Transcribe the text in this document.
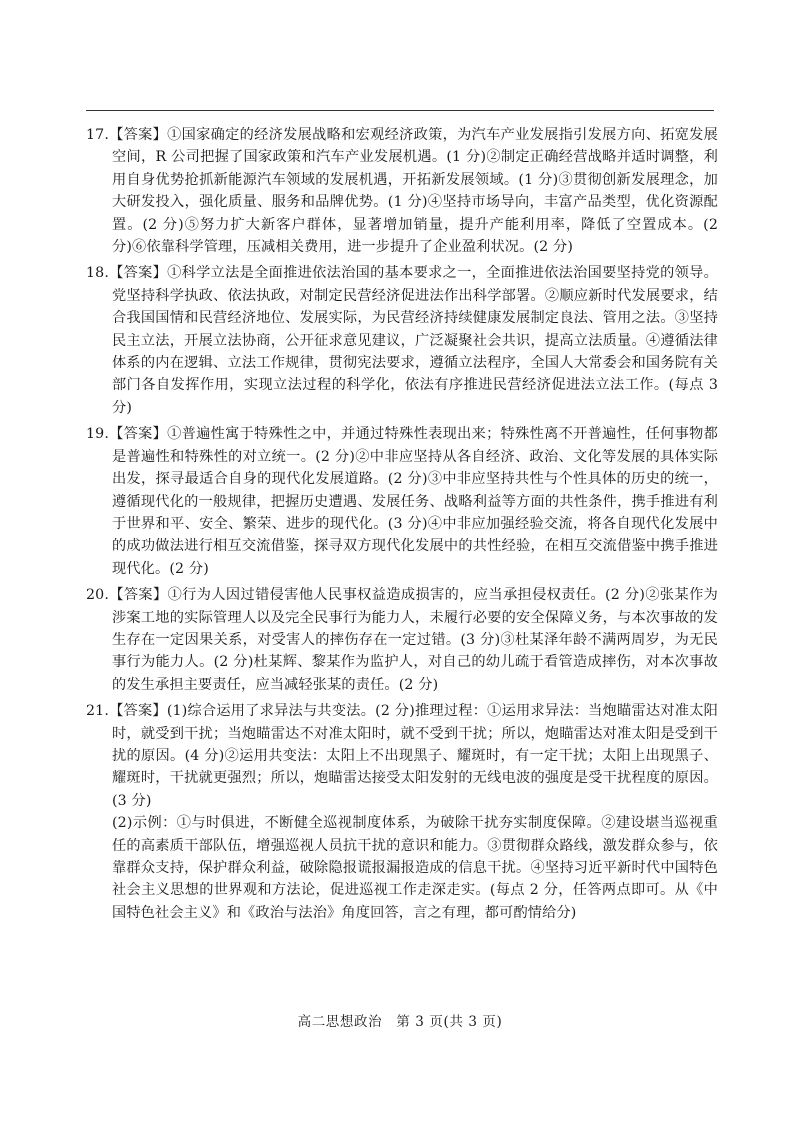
17.【答案】①国家确定的经济发展战略和宏观经济政策，为汽车产业发展指引发展方向、拓宽发展空间，R 公司把握了国家政策和汽车产业发展机遇。(1 分)②制定正确经营战略并适时调整，利用自身优势抢抓新能源汽车领域的发展机遇，开拓新发展领域。(1 分)③贯彻创新发展理念，加大研发投入，强化质量、服务和品牌优势。(1 分)④坚持市场导向，丰富产品类型，优化资源配置。(2 分)⑤努力扩大新客户群体，显著增加销量，提升产能利用率，降低了空置成本。(2 分)⑥依靠科学管理，压减相关费用，进一步提升了企业盈利状况。(2 分)
18.【答案】①科学立法是全面推进依法治国的基本要求之一，全面推进依法治国要坚持党的领导。党坚持科学执政、依法执政，对制定民营经济促进法作出科学部署。②顺应新时代发展要求，结合我国国情和民营经济地位、发展实际，为民营经济持续健康发展制定良法、管用之法。③坚持民主立法，开展立法协商，公开征求意见建议，广泛凝聚社会共识，提高立法质量。④遵循法律体系的内在逻辑、立法工作规律，贯彻宪法要求，遵循立法程序，全国人大常委会和国务院有关部门各自发挥作用，实现立法过程的科学化，依法有序推进民营经济促进法立法工作。(每点 3 分)
19.【答案】①普遍性寓于特殊性之中，并通过特殊性表现出来；特殊性离不开普遍性，任何事物都是普遍性和特殊性的对立统一。(2 分)②中非应坚持从各自经济、政治、文化等发展的具体实际出发，探寻最适合自身的现代化发展道路。(2 分)③中非应坚持共性与个性具体的历史的统一，遵循现代化的一般规律，把握历史遭遇、发展任务、战略利益等方面的共性条件，携手推进有利于世界和平、安全、繁荣、进步的现代化。(3 分)④中非应加强经验交流，将各自现代化发展中的成功做法进行相互交流借鉴，探寻双方现代化发展中的共性经验，在相互交流借鉴中携手推进现代化。(2 分)
20.【答案】①行为人因过错侵害他人民事权益造成损害的，应当承担侵权责任。(2 分)②张某作为涉案工地的实际管理人以及完全民事行为能力人，未履行必要的安全保障义务，与本次事故的发生存在一定因果关系，对受害人的摔伤存在一定过错。(3 分)③杜某泽年龄不满两周岁，为无民事行为能力人。(2 分)杜某辉、黎某作为监护人，对自己的幼儿疏于看管造成摔伤，对本次事故的发生承担主要责任，应当减轻张某的责任。(2 分)
21.【答案】(1)综合运用了求异法与共变法。(2 分)推理过程：①运用求异法：当炮瞄雷达对准太阳时，就受到干扰；当炮瞄雷达不对准太阳时，就不受到干扰；所以，炮瞄雷达对准太阳是受到干扰的原因。(4 分)②运用共变法：太阳上不出现黑子、耀斑时，有一定干扰；太阳上出现黑子、耀斑时，干扰就更强烈；所以，炮瞄雷达接受太阳发射的无线电波的强度是受干扰程度的原因。(3 分)
(2)示例：①与时俱进，不断健全巡视制度体系，为破除干扰夯实制度保障。②建设堪当巡视重任的高素质干部队伍，增强巡视人员抗干扰的意识和能力。③贯彻群众路线，激发群众参与，依靠群众支持，保护群众利益，破除隐报谎报漏报造成的信息干扰。④坚持习近平新时代中国特色社会主义思想的世界观和方法论，促进巡视工作走深走实。(每点 2 分，任答两点即可。从《中国特色社会主义》和《政治与法治》角度回答，言之有理，都可酌情给分)
高二思想政治　第 3 页(共 3 页)
